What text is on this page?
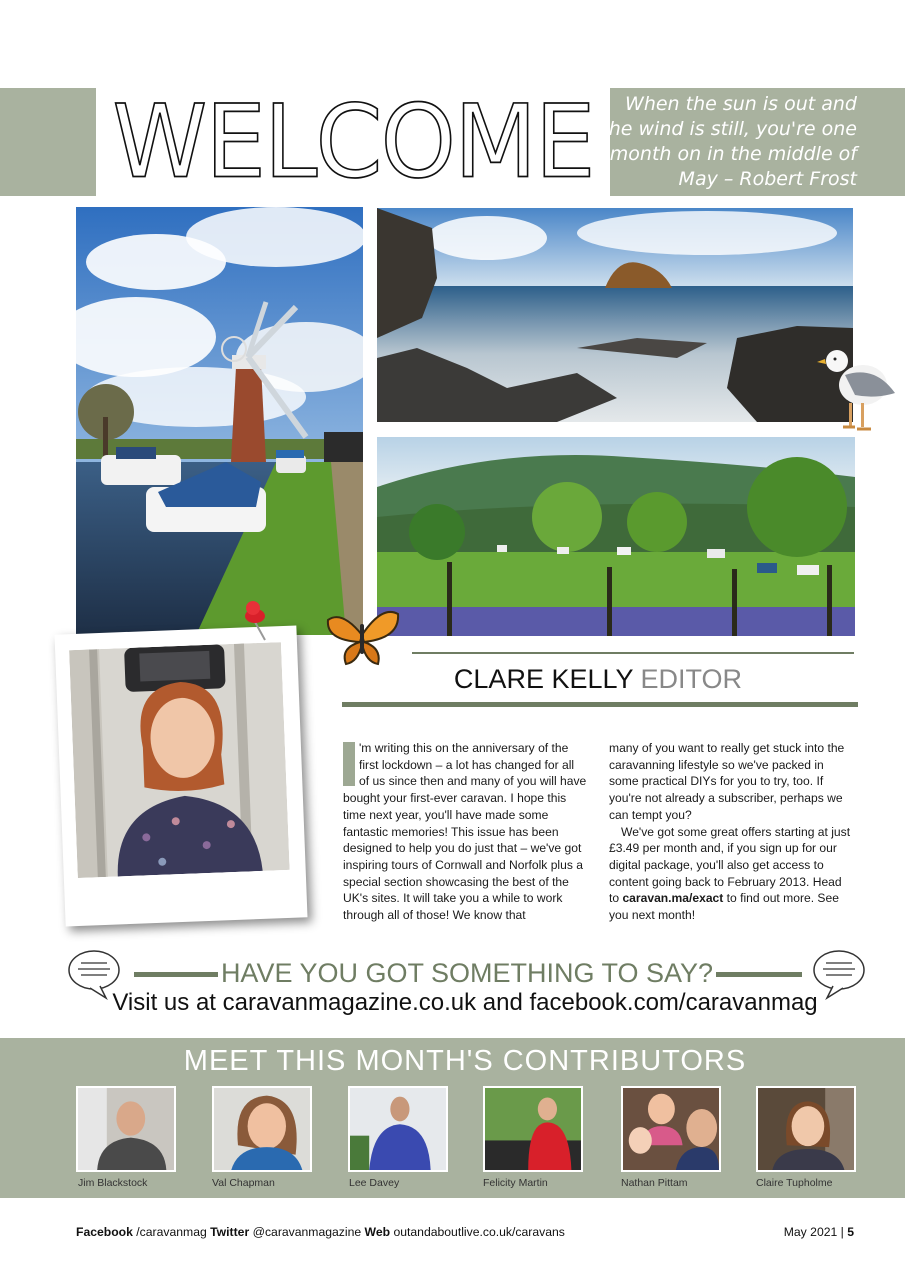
WELCOME	When the sun is out and the wind is still, you're one month on in the middle of May – Robert Frost
CLARE KELLY EDITOR
'm writing this on the anniversary of the first lockdown – a lot has changed for all of us since then and many of you will have bought your first-ever caravan. I hope this time next year, you'll have made some fantastic memories! This issue has been designed to help you do just that – we've got inspiring tours of Cornwall and Norfolk plus a special section showcasing the best of the UK's sites. It will take you a while to work through all of those! We know that

many of you want to really get stuck into the caravanning lifestyle so we've packed in some practical DIYs for you to try, too. If you're not already a subscriber, perhaps we can tempt you?

We've got some great offers starting at just £3.49 per month and, if you sign up for our digital package, you'll also get access to content going back to February 2013. Head to caravan.ma/exact to find out more. See you next month!

HAVE YOU GOT SOMETHING TO SAY?
Visit us at caravanmagazine.co.uk and facebook.com/caravanmag
MEET THIS MONTH'S CONTRIBUTORS
Jim Blackstock	Val Chapman	Lee Davey	Felicity Martin	Nathan Pittam	Claire Tupholme
Facebook /caravanmag Twitter @caravanmagazine Web outandaboutlive.co.uk/caravans	May 2021 | 5
